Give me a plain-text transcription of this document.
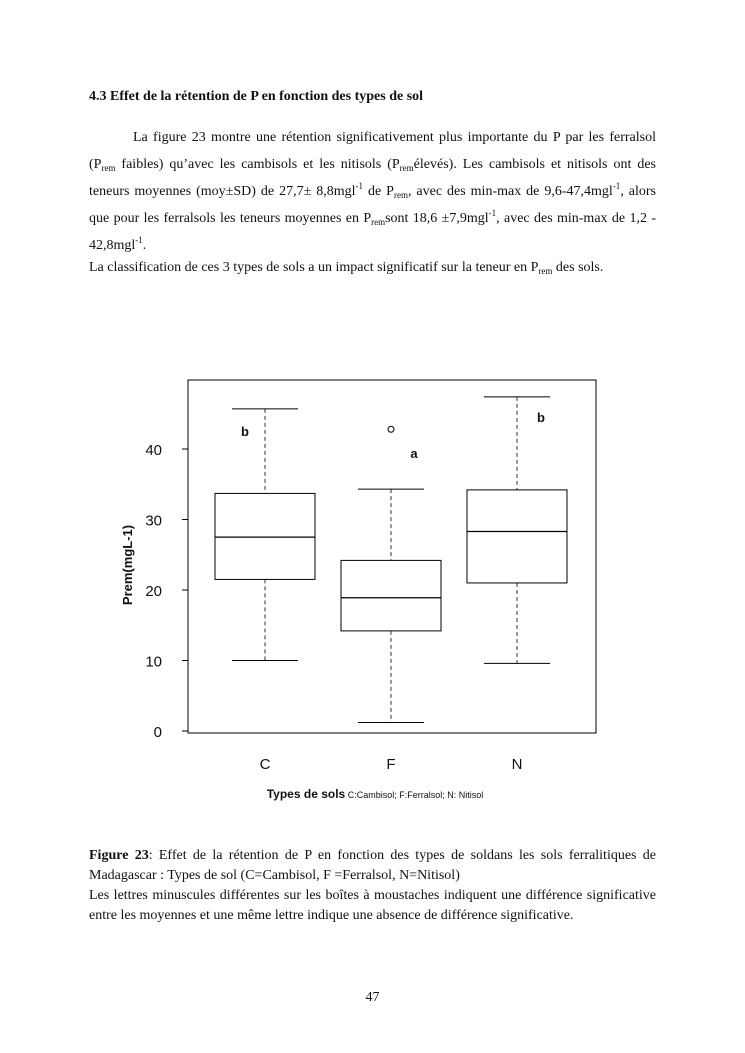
4.3 Effet de la rétention de P en fonction des types de sol
La figure 23 montre une rétention significativement plus importante du P par les ferralsol ($P_{rem}$ faibles) qu’avec les cambisols et les nitisols $(P_{rem}élevés)$. Les cambisols et nitisols ont des teneurs moyennes (moy±SD) de 27,7± 8,8mgl$^{-1}$ de $P_{rem}$, avec des min-max de 9,6-47,4mgl$^{-1}$, alors que pour les ferralsols les teneurs moyennes en $P_{rem}sont$ 18,6 ±7,9mgl$^{-1}$, avec des min-max de 1,2 - 42,8mgl$^{-1}$.
La classification de ces 3 types de sols a un impact significatif sur la teneur en $P_{rem}$ des sols.
0
10
20
30
40
Prem(mgL-1)
C	F	N
b
a
b
Types de sols C:Cambisol; F:Ferralsol; N: Nitisol

Figure 23: Effet de la rétention de P en fonction des types de soldans les sols ferralitiques de Madagascar : Types de sol (C=Cambisol, F =Ferralsol, N=Nitisol)

Les lettres minuscules différentes sur les boîtes à moustaches indiquent une différence significative entre les moyennes et une même lettre indique une absence de différence significative.

47
